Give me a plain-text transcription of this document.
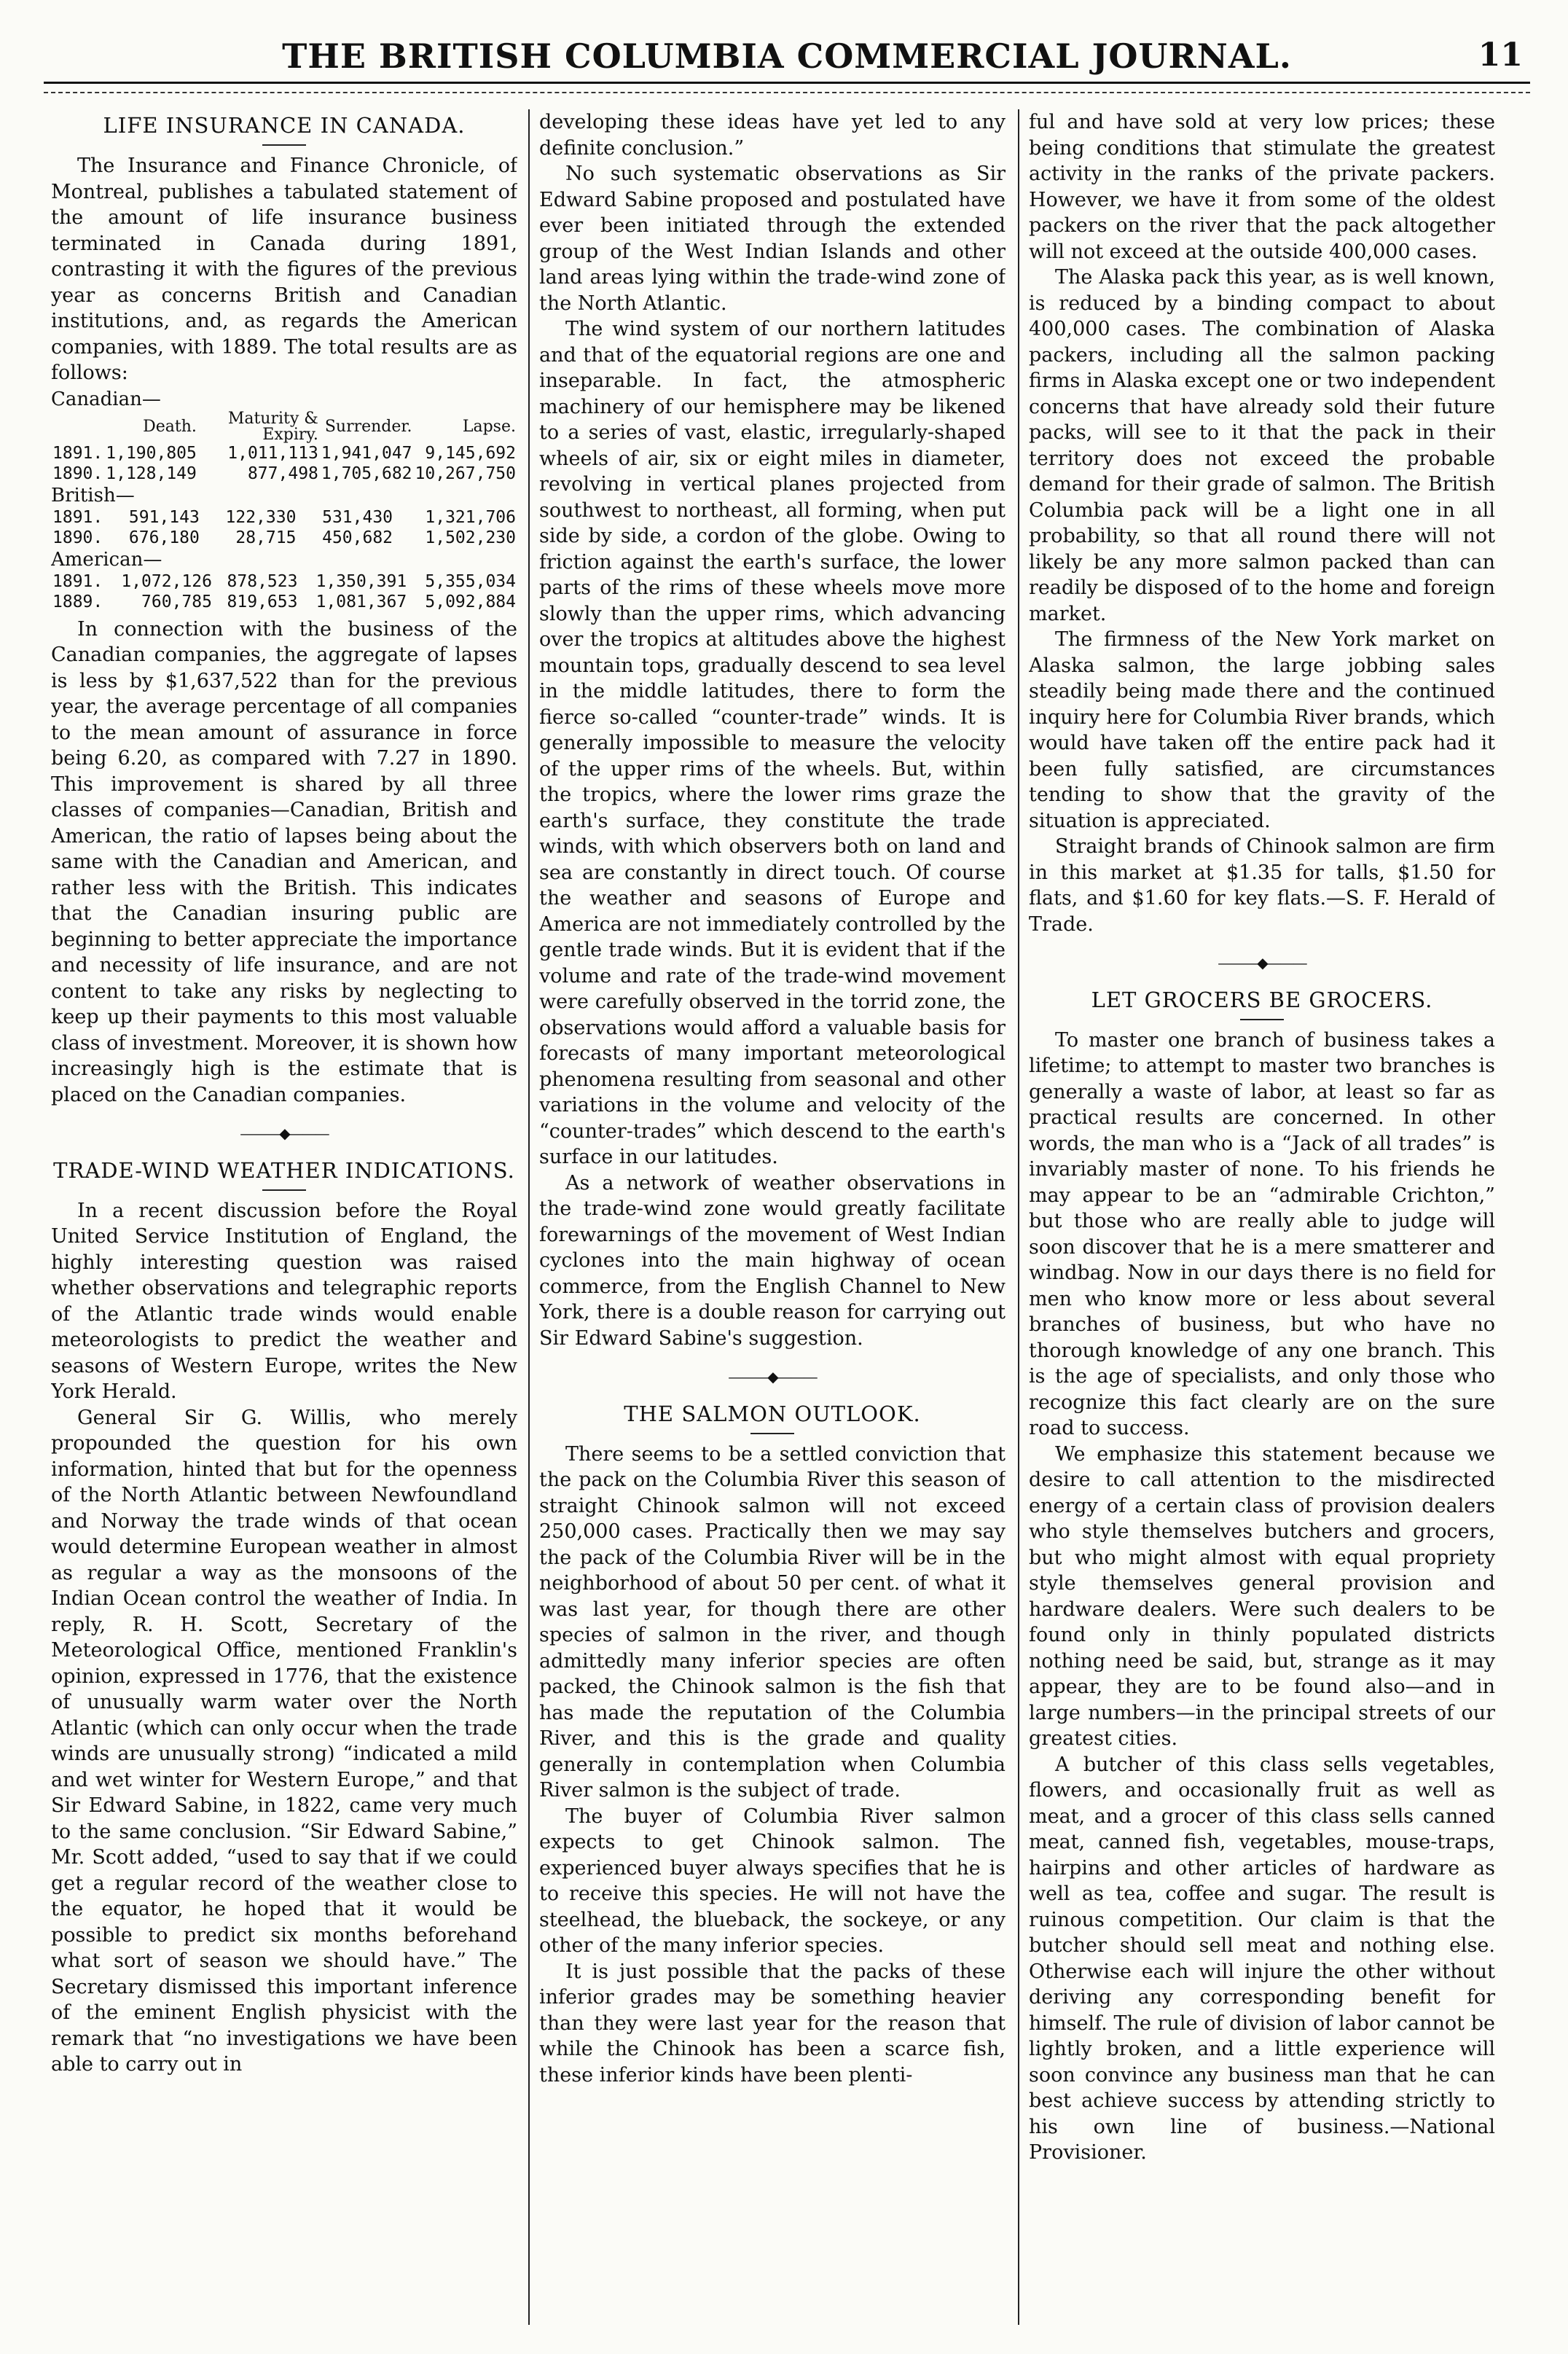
THE BRITISH COLUMBIA COMMERCIAL JOURNAL.	11
LIFE INSURANCE IN CANADA.

The Insurance and Finance Chronicle, of Montreal, publishes a tabulated statement of the amount of life insurance business terminated in Canada during 1891, contrasting it with the figures of the previous year as concerns British and Canadian institutions, and, as regards the American companies, with 1889. The total results are as follows:

Canadian—
	Death.	Maturity & Expiry.	Surrender.	Lapse.
1891.	1,190,805	1,011,113	1,941,047	9,145,692
1890.	1,128,149	877,498	1,705,682	10,267,750
British—
1891.	591,143	122,330	531,430	1,321,706
1890.	676,180	28,715	450,682	1,502,230
American—
1891.	1,072,126	878,523	1,350,391	5,355,034
1889.	760,785	819,653	1,081,367	5,092,884

In connection with the business of the Canadian companies, the aggregate of lapses is less by $1,637,522 than for the previous year, the average percentage of all companies to the mean amount of assurance in force being 6.20, as compared with 7.27 in 1890. This improvement is shared by all three classes of companies—Canadian, British and American, the ratio of lapses being about the same with the Canadian and American, and rather less with the British. This indicates that the Canadian insuring public are beginning to better appreciate the importance and necessity of life insurance, and are not content to take any risks by neglecting to keep up their payments to this most valuable class of investment. Moreover, it is shown how increasingly high is the estimate that is placed on the Canadian companies.

———◆———
TRADE-WIND WEATHER INDICATIONS.

In a recent discussion before the Royal United Service Institution of England, the highly interesting question was raised whether observations and telegraphic reports of the Atlantic trade winds would enable meteorologists to predict the weather and seasons of Western Europe, writes the New York Herald.

General Sir G. Willis, who merely propounded the question for his own information, hinted that but for the openness of the North Atlantic between Newfoundland and Norway the trade winds of that ocean would determine European weather in almost as regular a way as the monsoons of the Indian Ocean control the weather of India. In reply, R. H. Scott, Secretary of the Meteorological Office, mentioned Franklin's opinion, expressed in 1776, that the existence of unusually warm water over the North Atlantic (which can only occur when the trade winds are unusually strong) “indicated a mild and wet winter for Western Europe,” and that Sir Edward Sabine, in 1822, came very much to the same conclusion. “Sir Edward Sabine,” Mr. Scott added, “used to say that if we could get a regular record of the weather close to the equator, he hoped that it would be possible to predict six months beforehand what sort of season we should have.” The Secretary dismissed this important inference of the eminent English physicist with the remark that “no investigations we have been able to carry out in

developing these ideas have yet led to any definite conclusion.”

No such systematic observations as Sir Edward Sabine proposed and postulated have ever been initiated through the extended group of the West Indian Islands and other land areas lying within the trade-wind zone of the North Atlantic.

The wind system of our northern latitudes and that of the equatorial regions are one and inseparable. In fact, the atmospheric machinery of our hemisphere may be likened to a series of vast, elastic, irregularly-shaped wheels of air, six or eight miles in diameter, revolving in vertical planes projected from southwest to northeast, all forming, when put side by side, a cordon of the globe. Owing to friction against the earth's surface, the lower parts of the rims of these wheels move more slowly than the upper rims, which advancing over the tropics at altitudes above the highest mountain tops, gradually descend to sea level in the middle latitudes, there to form the fierce so-called “counter-trade” winds. It is generally impossible to measure the velocity of the upper rims of the wheels. But, within the tropics, where the lower rims graze the earth's surface, they constitute the trade winds, with which observers both on land and sea are constantly in direct touch. Of course the weather and seasons of Europe and America are not immediately controlled by the gentle trade winds. But it is evident that if the volume and rate of the trade-wind movement were carefully observed in the torrid zone, the observations would afford a valuable basis for forecasts of many important meteorological phenomena resulting from seasonal and other variations in the volume and velocity of the “counter-trades” which descend to the earth's surface in our latitudes.

As a network of weather observations in the trade-wind zone would greatly facilitate forewarnings of the movement of West Indian cyclones into the main highway of ocean commerce, from the English Channel to New York, there is a double reason for carrying out Sir Edward Sabine's suggestion.

———◆———
THE SALMON OUTLOOK.

There seems to be a settled conviction that the pack on the Columbia River this season of straight Chinook salmon will not exceed 250,000 cases. Practically then we may say the pack of the Columbia River will be in the neighborhood of about 50 per cent. of what it was last year, for though there are other species of salmon in the river, and though admittedly many inferior species are often packed, the Chinook salmon is the fish that has made the reputation of the Columbia River, and this is the grade and quality generally in contemplation when Columbia River salmon is the subject of trade.

The buyer of Columbia River salmon expects to get Chinook salmon. The experienced buyer always specifies that he is to receive this species. He will not have the steelhead, the blueback, the sockeye, or any other of the many inferior species.

It is just possible that the packs of these inferior grades may be something heavier than they were last year for the reason that while the Chinook has been a scarce fish, these inferior kinds have been plenti-

ful and have sold at very low prices; these being conditions that stimulate the greatest activity in the ranks of the private packers. However, we have it from some of the oldest packers on the river that the pack altogether will not exceed at the outside 400,000 cases.

The Alaska pack this year, as is well known, is reduced by a binding compact to about 400,000 cases. The combination of Alaska packers, including all the salmon packing firms in Alaska except one or two independent concerns that have already sold their future packs, will see to it that the pack in their territory does not exceed the probable demand for their grade of salmon. The British Columbia pack will be a light one in all probability, so that all round there will not likely be any more salmon packed than can readily be disposed of to the home and foreign market.

The firmness of the New York market on Alaska salmon, the large jobbing sales steadily being made there and the continued inquiry here for Columbia River brands, which would have taken off the entire pack had it been fully satisfied, are circumstances tending to show that the gravity of the situation is appreciated.

Straight brands of Chinook salmon are firm in this market at $1.35 for talls, $1.50 for flats, and $1.60 for key flats.—S. F. Herald of Trade.

———◆———
LET GROCERS BE GROCERS.

To master one branch of business takes a lifetime; to attempt to master two branches is generally a waste of labor, at least so far as practical results are concerned. In other words, the man who is a “Jack of all trades” is invariably master of none. To his friends he may appear to be an “admirable Crichton,” but those who are really able to judge will soon discover that he is a mere smatterer and windbag. Now in our days there is no field for men who know more or less about several branches of business, but who have no thorough knowledge of any one branch. This is the age of specialists, and only those who recognize this fact clearly are on the sure road to success.

We emphasize this statement because we desire to call attention to the misdirected energy of a certain class of provision dealers who style themselves butchers and grocers, but who might almost with equal propriety style themselves general provision and hardware dealers. Were such dealers to be found only in thinly populated districts nothing need be said, but, strange as it may appear, they are to be found also—and in large numbers—in the principal streets of our greatest cities.

A butcher of this class sells vegetables, flowers, and occasionally fruit as well as meat, and a grocer of this class sells canned meat, canned fish, vegetables, mouse-traps, hairpins and other articles of hardware as well as tea, coffee and sugar. The result is ruinous competition. Our claim is that the butcher should sell meat and nothing else. Otherwise each will injure the other without deriving any corresponding benefit for himself. The rule of division of labor cannot be lightly broken, and a little experience will soon convince any business man that he can best achieve success by attending strictly to his own line of business.—National Provisioner.
